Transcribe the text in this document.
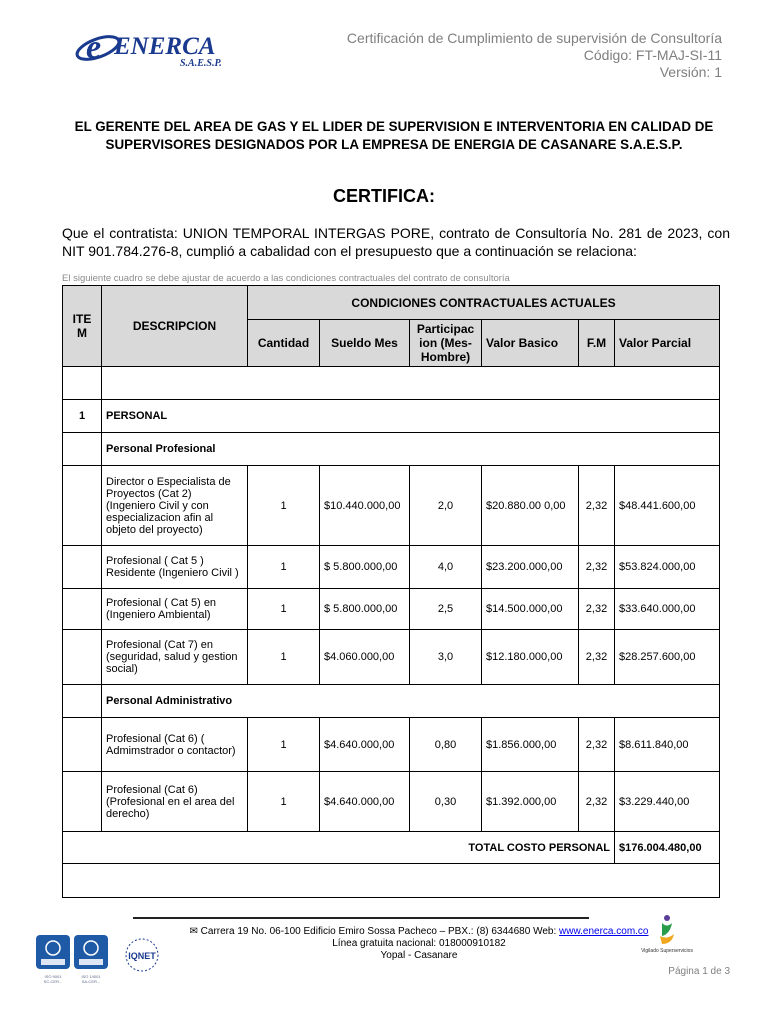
e ENERCA
S.A.E.S.P.
Certificación de Cumplimiento de supervisión de Consultoría
Código: FT-MAJ-SI-11
Versión: 1
EL GERENTE DEL AREA DE GAS Y EL LIDER DE SUPERVISION E INTERVENTORIA EN CALIDAD DE
SUPERVISORES DESIGNADOS POR LA EMPRESA DE ENERGIA DE CASANARE S.A.E.S.P.
CERTIFICA:
Que el contratista: UNION TEMPORAL INTERGAS PORE, contrato de Consultoría No. 281 de 2023, con NIT 901.784.276-8, cumplió a cabalidad con el presupuesto que a continuación se relaciona:
El siguiente cuadro se debe ajustar de acuerdo a las condiciones contractuales del contrato de consultoría
ITE M	DESCRIPCION	CONDICIONES CONTRACTUALES ACTUALES					
		Cantidad	Sueldo Mes	Participac ion (Mes-Hombre)	Valor Basico	F.M	Valor Parcial

1	PERSONAL						
	Personal Profesional						
	Director o Especialista de Proyectos (Cat 2) (Ingeniero Civil y con especializacion afin al objeto del proyecto)	1	$10.440.000,00	2,0	$20.880.00 0,00	2,32	$48.441.600,00
	Profesional ( Cat 5 ) Residente (Ingeniero Civil )	1	$ 5.800.000,00	4,0	$23.200.000,00	2,32	$53.824.000,00
	Profesional ( Cat 5) en (Ingeniero Ambiental)	1	$ 5.800.000,00	2,5	$14.500.000,00	2,32	$33.640.000,00
	Profesional (Cat 7) en (seguridad, salud y gestion social)	1	$4.060.000,00	3,0	$12.180.000,00	2,32	$28.257.600,00
	Personal Administrativo						
	Profesional (Cat 6) ( Admimstrador o contactor)	1	$4.640.000,00	0,80	$1.856.000,00	2,32	$8.611.840,00
	Profesional (Cat 6) (Profesional en el area del derecho)	1	$4.640.000,00	0,30	$1.392.000,00	2,32	$3.229.440,00
TOTAL COSTO PERSONAL							$176.004.480,00

✉ Carrera 19 No. 06-100 Edificio Emiro Sossa Pacheco – PBX.: (8) 6344680 Web: www.enerca.com.co
Línea gratuita nacional: 018000910182
Yopal - Casanare
ISO 9001
SC-CER...
ISO 14001
SA-CER...
IQNET	Vigilado Superservicios
Página 1 de 3
